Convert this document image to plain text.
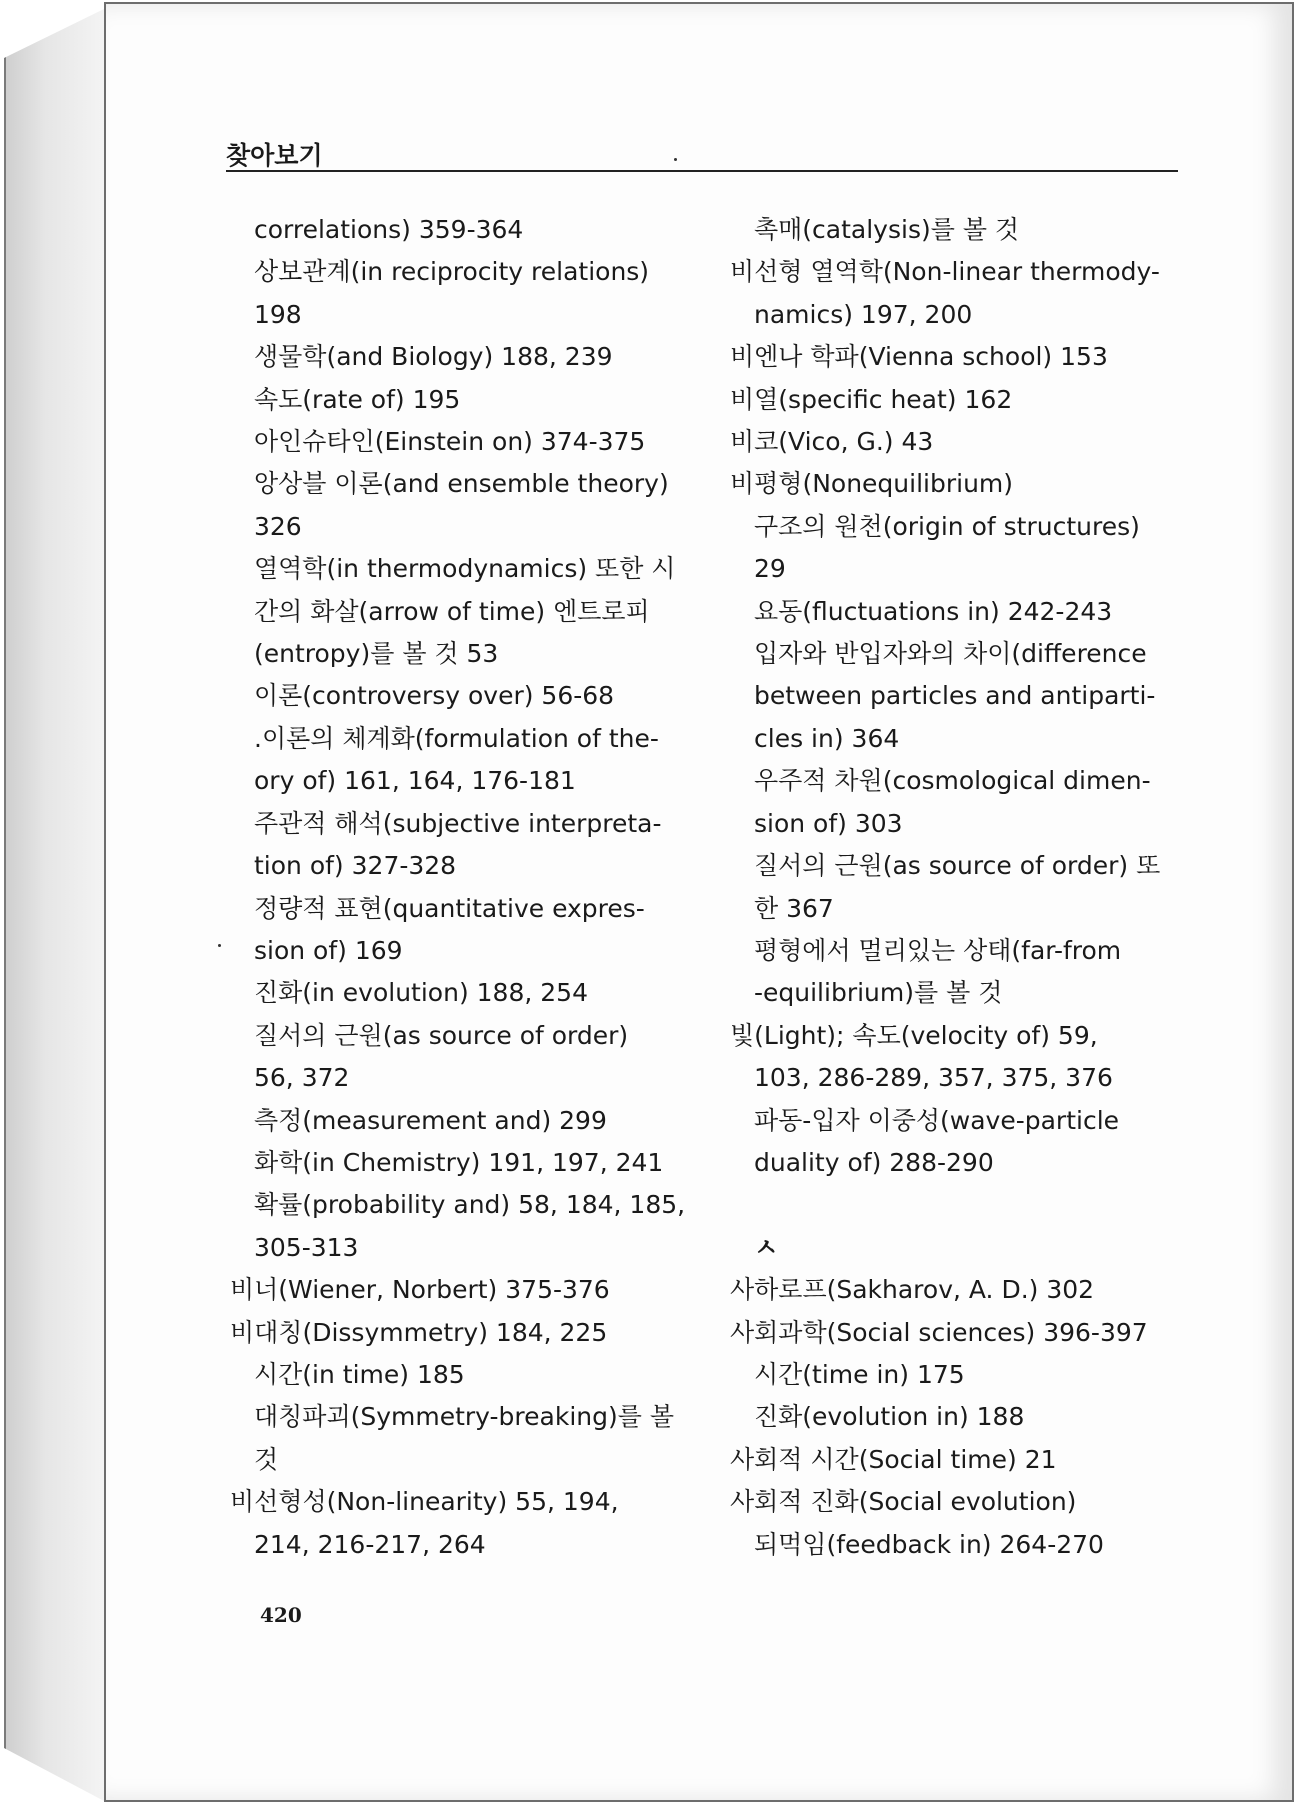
찾아보기
correlations) 359-364
상보관계(in reciprocity relations)
198
생물학(and Biology) 188, 239
속도(rate of) 195
아인슈타인(Einstein on) 374-375
앙상블 이론(and ensemble theory)
326
열역학(in thermodynamics) 또한 시
간의 화살(arrow of time) 엔트로피
(entropy)를 볼 것 53
이론(controversy over) 56-68
.이론의 체계화(formulation of the-
ory of) 161, 164, 176-181
주관적 해석(subjective interpreta-
tion of) 327-328
정량적 표현(quantitative expres-
sion of) 169
진화(in evolution) 188, 254
질서의 근원(as source of order)
56, 372
측정(measurement and) 299
화학(in Chemistry) 191, 197, 241
확률(probability and) 58, 184, 185,
305-313
비너(Wiener, Norbert) 375-376
비대칭(Dissymmetry) 184, 225
시간(in time) 185
대칭파괴(Symmetry-breaking)를 볼
것
비선형성(Non-linearity) 55, 194,
214, 216-217, 264
촉매(catalysis)를 볼 것
비선형 열역학(Non-linear thermody-
namics) 197, 200
비엔나 학파(Vienna school) 153
비열(specific heat) 162
비코(Vico, G.) 43
비평형(Nonequilibrium)
구조의 원천(origin of structures)
29
요동(fluctuations in) 242-243
입자와 반입자와의 차이(difference
between particles and antiparti-
cles in) 364
우주적 차원(cosmological dimen-
sion of) 303
질서의 근원(as source of order) 또
한 367
평형에서 멀리있는 상태(far-from
-equilibrium)를 볼 것
빛(Light); 속도(velocity of) 59,
103, 286-289, 357, 375, 376
파동-입자 이중성(wave-particle
duality of) 288-290
ㅅ
사하로프(Sakharov, A. D.) 302
사회과학(Social sciences) 396-397
시간(time in) 175
진화(evolution in) 188
사회적 시간(Social time) 21
사회적 진화(Social evolution)
되먹임(feedback in) 264-270
420
